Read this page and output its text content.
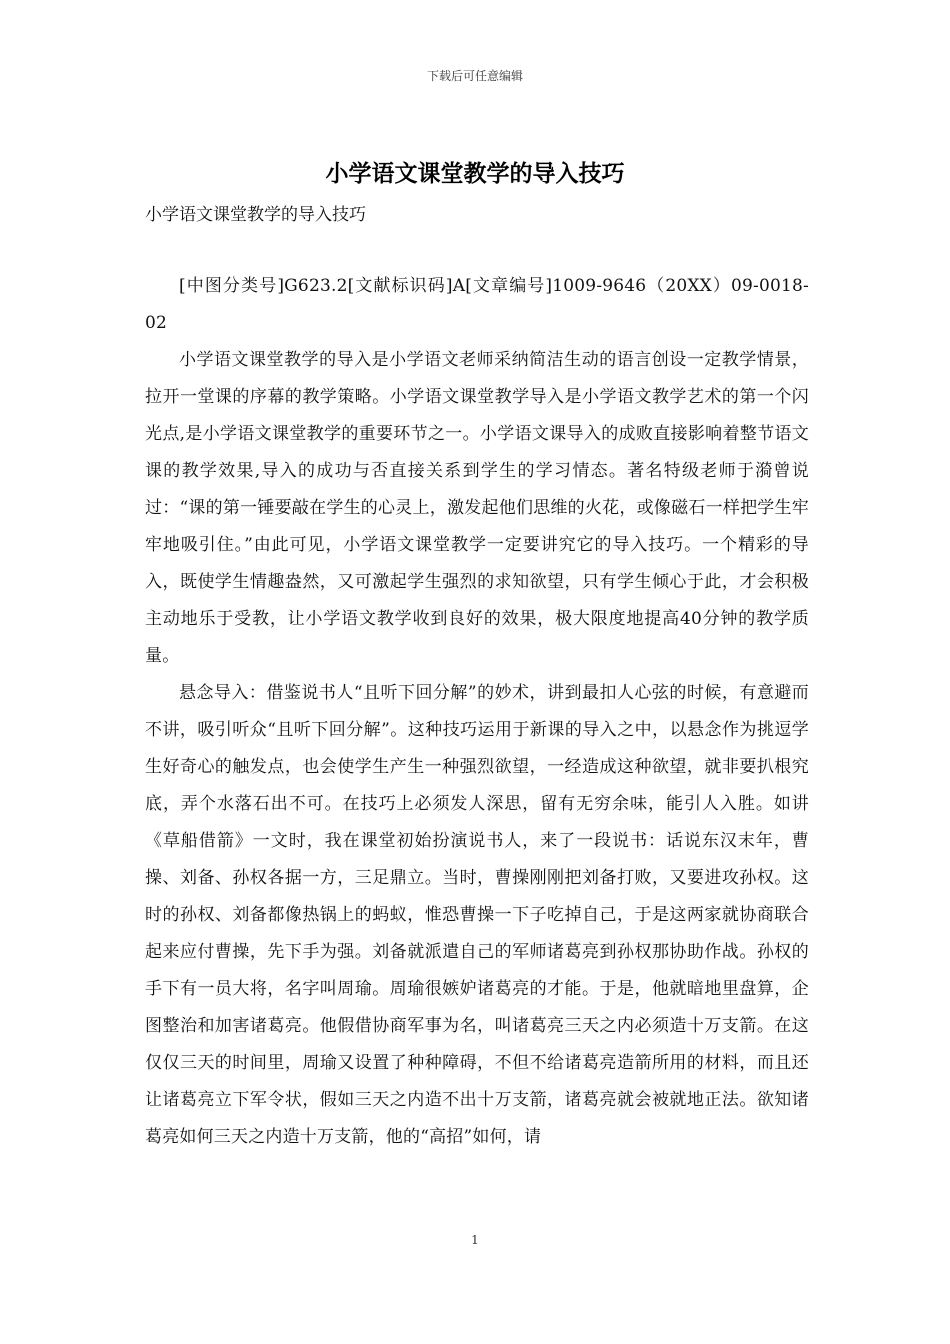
下载后可任意编辑
小学语文课堂教学的导入技巧
小学语文课堂教学的导入技巧

[中图分类号]G623.2[文献标识码]A[文章编号]1009-9646（20XX）09-0018-02

小学语文课堂教学的导入是小学语文老师采纳简洁生动的语言创设一定教学情景，拉开一堂课的序幕的教学策略。小学语文课堂教学导入是小学语文教学艺术的第一个闪光点,是小学语文课堂教学的重要环节之一。小学语文课导入的成败直接影响着整节语文课的教学效果,导入的成功与否直接关系到学生的学习情态。著名特级老师于漪曾说过：“课的第一锤要敲在学生的心灵上，激发起他们思维的火花，或像磁石一样把学生牢牢地吸引住。”由此可见，小学语文课堂教学一定要讲究它的导入技巧。一个精彩的导入，既使学生情趣盎然，又可激起学生强烈的求知欲望，只有学生倾心于此，才会积极主动地乐于受教，让小学语文教学收到良好的效果，极大限度地提高40分钟的教学质量。

悬念导入：借鉴说书人“且听下回分解”的妙术，讲到最扣人心弦的时候，有意避而不讲，吸引听众“且听下回分解”。这种技巧运用于新课的导入之中，以悬念作为挑逗学生好奇心的触发点，也会使学生产生一种强烈欲望，一经造成这种欲望，就非要扒根究底，弄个水落石出不可。在技巧上必须发人深思，留有无穷余味，能引人入胜。如讲《草船借箭》一文时，我在课堂初始扮演说书人，来了一段说书：话说东汉末年，曹操、刘备、孙权各据一方，三足鼎立。当时，曹操刚刚把刘备打败，又要进攻孙权。这时的孙权、刘备都像热锅上的蚂蚁，惟恐曹操一下子吃掉自己，于是这两家就协商联合起来应付曹操，先下手为强。刘备就派遣自己的军师诸葛亮到孙权那协助作战。孙权的手下有一员大将，名字叫周瑜。周瑜很嫉妒诸葛亮的才能。于是，他就暗地里盘算，企图整治和加害诸葛亮。他假借协商军事为名，叫诸葛亮三天之内必须造十万支箭。在这仅仅三天的时间里，周瑜又设置了种种障碍，不但不给诸葛亮造箭所用的材料，而且还让诸葛亮立下军令状，假如三天之内造不出十万支箭，诸葛亮就会被就地正法。欲知诸葛亮如何三天之内造十万支箭，他的“高招”如何，请

1
